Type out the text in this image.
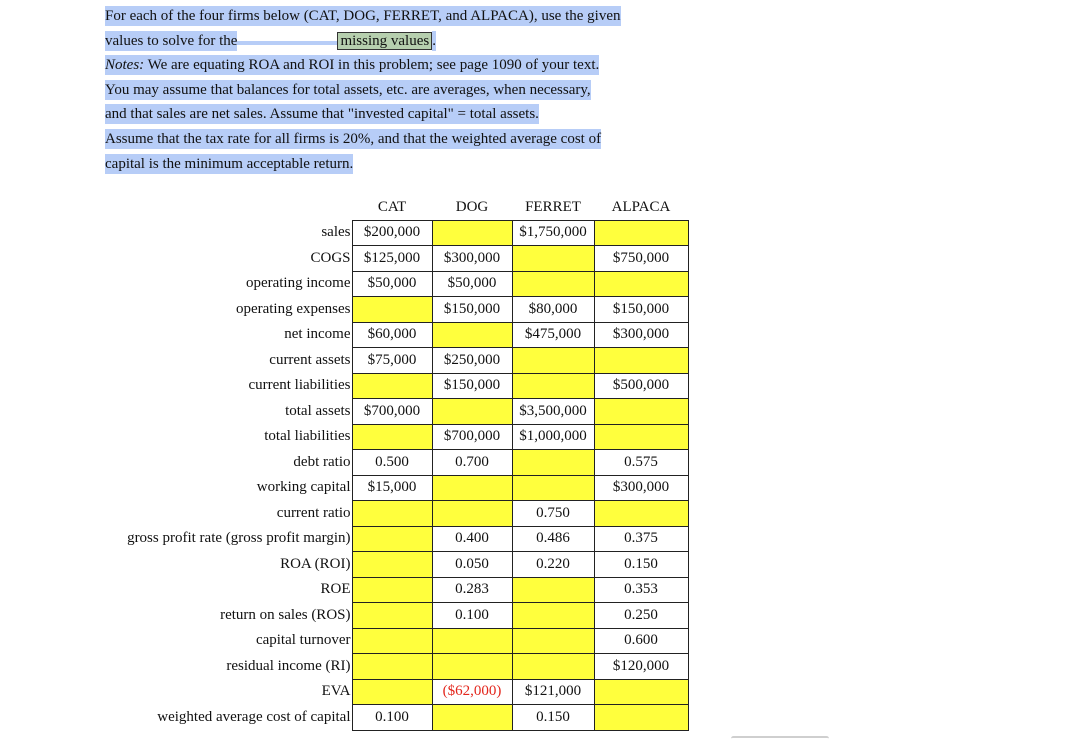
For each of the four firms below (CAT, DOG, FERRET, and ALPACA), use the given
values to solve for the	missing values .
Notes: We are equating ROA and ROI in this problem; see page 1090 of your text.
You may assume that balances for total assets, etc. are averages, when necessary,
and that sales are net sales. Assume that "invested capital" = total assets.
Assume that the tax rate for all firms is 20%, and that the weighted average cost of
capital is the minimum acceptable return.
	CAT	DOG	FERRET	ALPACA
sales	$200,000		$1,750,000	
COGS	$125,000	$300,000		$750,000
operating income	$50,000	$50,000		
operating expenses		$150,000	$80,000	$150,000
net income	$60,000		$475,000	$300,000
current assets	$75,000	$250,000		
current liabilities		$150,000		$500,000
total assets	$700,000		$3,500,000	
total liabilities		$700,000	$1,000,000	
debt ratio	0.500	0.700		0.575
working capital	$15,000			$300,000
current ratio			0.750	
gross profit rate (gross profit margin)		0.400	0.486	0.375
ROA (ROI)		0.050	0.220	0.150
ROE		0.283		0.353
return on sales (ROS)		0.100		0.250
capital turnover				0.600
residual income (RI)				$120,000
EVA		($62,000)	$121,000	
weighted average cost of capital	0.100		0.150	
